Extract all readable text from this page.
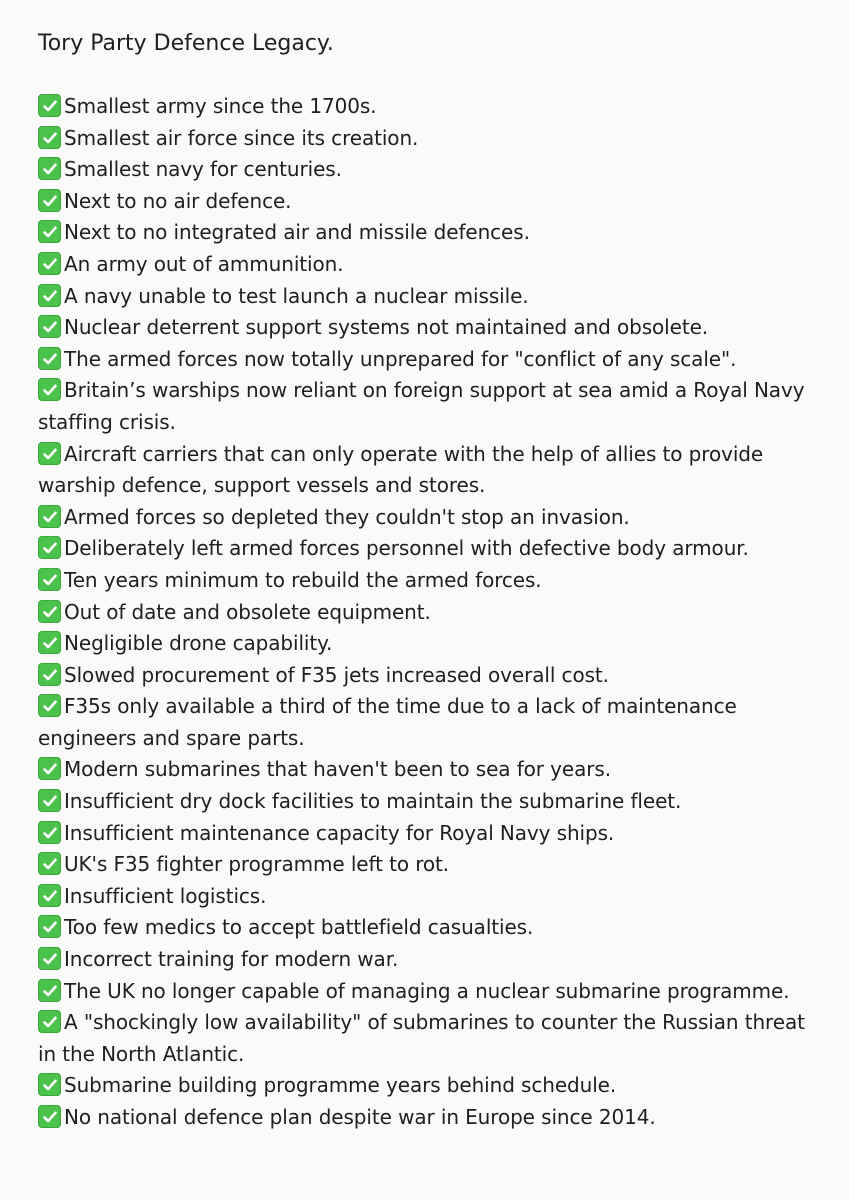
Tory Party Defence Legacy.
Smallest army since the 1700s.
Smallest air force since its creation.
Smallest navy for centuries.
Next to no air defence.
Next to no integrated air and missile defences.
An army out of ammunition.
A navy unable to test launch a nuclear missile.
Nuclear deterrent support systems not maintained and obsolete.
The armed forces now totally unprepared for "conflict of any scale".
Britain’s warships now reliant on foreign support at sea amid a Royal Navy staffing crisis.
Aircraft carriers that can only operate with the help of allies to provide warship defence, support vessels and stores.
Armed forces so depleted they couldn't stop an invasion.
Deliberately left armed forces personnel with defective body armour.
Ten years minimum to rebuild the armed forces.
Out of date and obsolete equipment.
Negligible drone capability.
Slowed procurement of F35 jets increased overall cost.
F35s only available a third of the time due to a lack of maintenance engineers and spare parts.
Modern submarines that haven't been to sea for years.
Insufficient dry dock facilities to maintain the submarine fleet.
Insufficient maintenance capacity for Royal Navy ships.
UK's F35 fighter programme left to rot.
Insufficient logistics.
Too few medics to accept battlefield casualties.
Incorrect training for modern war.
The UK no longer capable of managing a nuclear submarine programme.
A "shockingly low availability" of submarines to counter the Russian threat in the North Atlantic.
Submarine building programme years behind schedule.
No national defence plan despite war in Europe since 2014.
